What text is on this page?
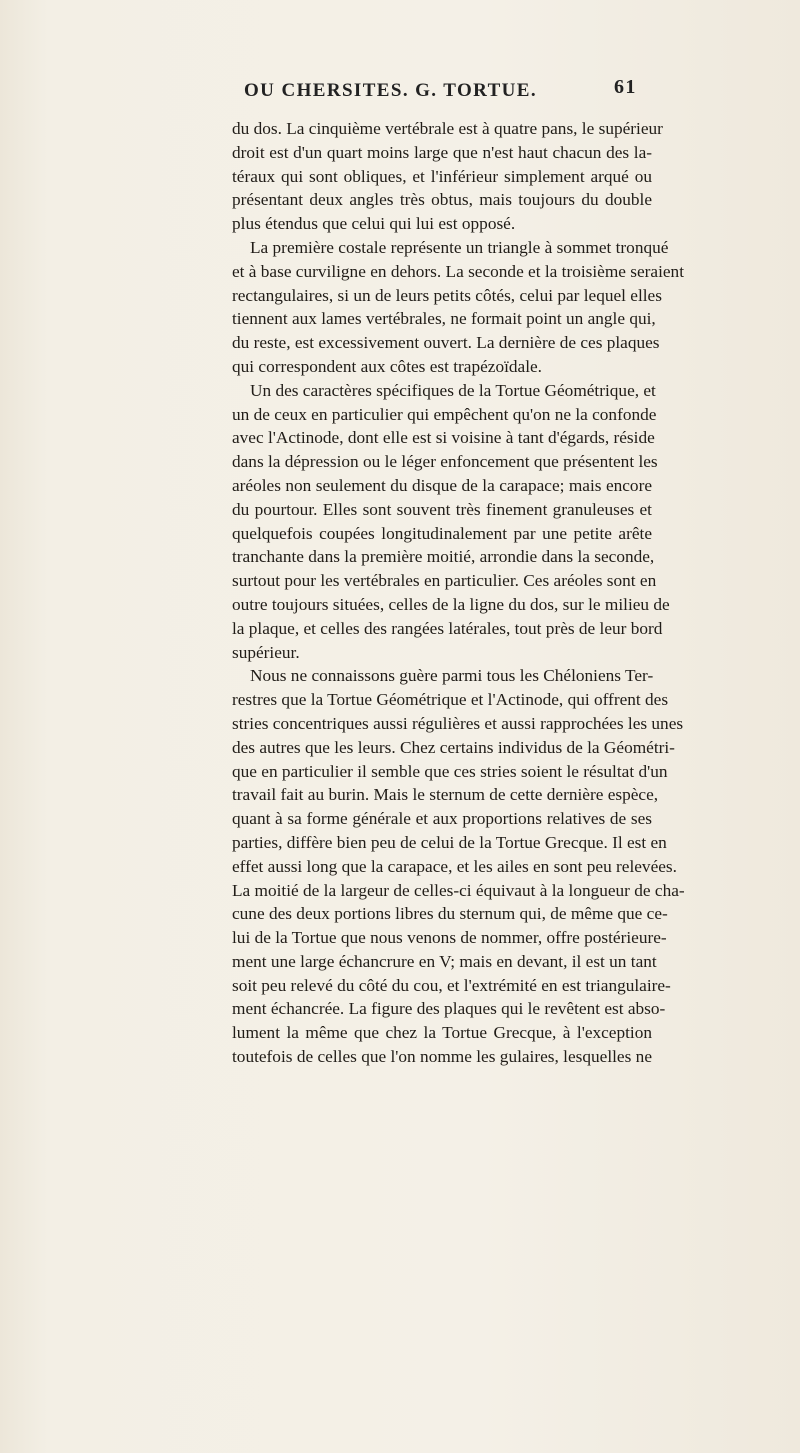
OU CHERSITES. G. TORTUE.	61
du dos. La cinquième vertébrale est à quatre pans, le supérieur
droit est d'un quart moins large que n'est haut chacun des la-
téraux qui sont obliques, et l'inférieur simplement arqué ou
présentant deux angles très obtus, mais toujours du double
plus étendus que celui qui lui est opposé.
La première costale représente un triangle à sommet tronqué
et à base curviligne en dehors. La seconde et la troisième seraient
rectangulaires, si un de leurs petits côtés, celui par lequel elles
tiennent aux lames vertébrales, ne formait point un angle qui,
du reste, est excessivement ouvert. La dernière de ces plaques
qui correspondent aux côtes est trapézoïdale.
Un des caractères spécifiques de la Tortue Géométrique, et
un de ceux en particulier qui empêchent qu'on ne la confonde
avec l'Actinode, dont elle est si voisine à tant d'égards, réside
dans la dépression ou le léger enfoncement que présentent les
aréoles non seulement du disque de la carapace; mais encore
du pourtour. Elles sont souvent très finement granuleuses et
quelquefois coupées longitudinalement par une petite arête
tranchante dans la première moitié, arrondie dans la seconde,
surtout pour les vertébrales en particulier. Ces aréoles sont en
outre toujours situées, celles de la ligne du dos, sur le milieu de
la plaque, et celles des rangées latérales, tout près de leur bord
supérieur.
Nous ne connaissons guère parmi tous les Chéloniens Ter-
restres que la Tortue Géométrique et l'Actinode, qui offrent des
stries concentriques aussi régulières et aussi rapprochées les unes
des autres que les leurs. Chez certains individus de la Géométri-
que en particulier il semble que ces stries soient le résultat d'un
travail fait au burin. Mais le sternum de cette dernière espèce,
quant à sa forme générale et aux proportions relatives de ses
parties, diffère bien peu de celui de la Tortue Grecque. Il est en
effet aussi long que la carapace, et les ailes en sont peu relevées.
La moitié de la largeur de celles-ci équivaut à la longueur de cha-
cune des deux portions libres du sternum qui, de même que ce-
lui de la Tortue que nous venons de nommer, offre postérieure-
ment une large échancrure en V; mais en devant, il est un tant
soit peu relevé du côté du cou, et l'extrémité en est triangulaire-
ment échancrée. La figure des plaques qui le revêtent est abso-
lument la même que chez la Tortue Grecque, à l'exception
toutefois de celles que l'on nomme les gulaires, lesquelles ne
